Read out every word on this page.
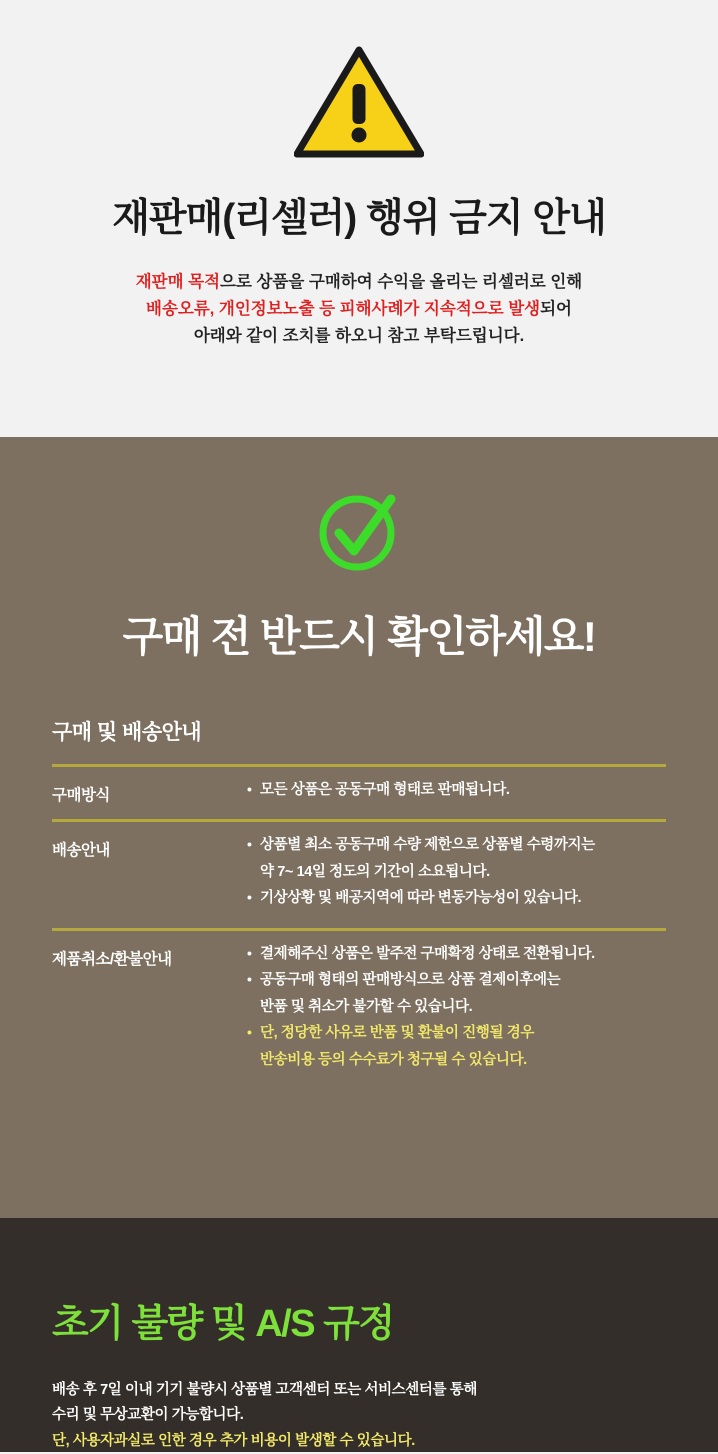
재판매(리셀러) 행위 금지 안내
재판매 목적으로 상품을 구매하여 수익을 올리는 리셀러로 인해
배송오류, 개인정보노출 등 피해사례가 지속적으로 발생되어
아래와 같이 조치를 하오니 참고 부탁드립니다.
구매 전 반드시 확인하세요!
구매 및 배송안내
구매방식	• 모든 상품은 공동구매 형태로 판매됩니다.
배송안내	• 상품별 최소 공동구매 수량 제한으로 상품별 수령까지는
약 7~ 14일 정도의 기간이 소요됩니다.
• 기상상황 및 배공지역에 따라 변동가능성이 있습니다.
제품취소/환불안내	• 결제해주신 상품은 발주전 구매확정 상태로 전환됩니다.
• 공동구매 형태의 판매방식으로 상품 결제이후에는
반품 및 취소가 불가할 수 있습니다.
• 단, 정당한 사유로 반품 및 환불이 진행될 경우
반송비용 등의 수수료가 청구될 수 있습니다.
초기 불량 및 A/S 규정
배송 후 7일 이내 기기 불량시 상품별 고객센터 또는 서비스센터를 통해
수리 및 무상교환이 가능합니다.
단, 사용자과실로 인한 경우 추가 비용이 발생할 수 있습니다.
